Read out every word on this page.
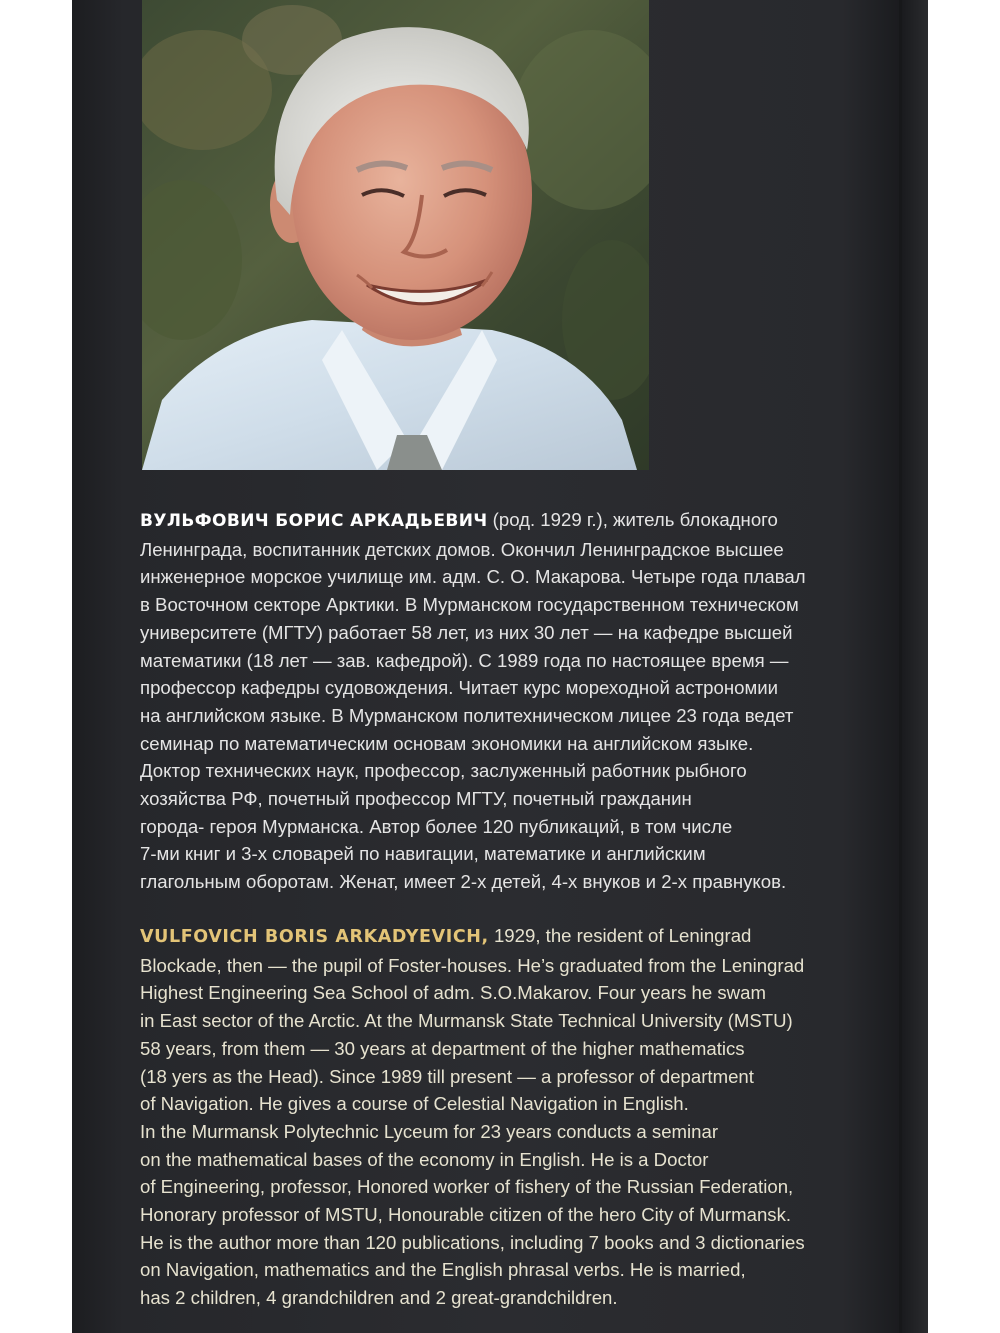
ВУЛЬФОВИЧ БОРИС АРКАДЬЕВИЧ (род. 1929 г.), житель блокадного
Ленинграда, воспитанник детских домов. Окончил Ленинградское высшее
инженерное морское училище им. адм. С. О. Макарова. Четыре года плавал
в Восточном секторе Арктики. В Мурманском государственном техническом
университете (МГТУ) работает 58 лет, из них 30 лет — на кафедре высшей
математики (18 лет — зав. кафедрой). С 1989 года по настоящее время —
профессор кафедры судовождения. Читает курс мореходной астрономии
на английском языке. В Мурманском политехническом лицее 23 года ведет
семинар по математическим основам экономики на английском языке.
Доктор технических наук, профессор, заслуженный работник рыбного
хозяйства РФ, почетный профессор МГТУ, почетный гражданин
города- героя Мурманска. Автор более 120 публикаций, в том числе
7-ми книг и 3-х словарей по навигации, математике и английским
глагольным оборотам. Женат, имеет 2-х детей, 4-х внуков и 2-х правнуков.

VULFOVICH BORIS ARKADYEVICH, 1929, the resident of Leningrad
Blockade, then — the pupil of Foster-houses. He’s graduated from the Leningrad
Highest Engineering Sea School of adm. S.O.Makarov. Four years he swam
in East sector of the Arctic. At the Murmansk State Technical University (MSTU)
58 years, from them — 30 years at department of the higher mathematics
(18 yers as the Head). Since 1989 till present — a professor of department
of Navigation. He gives a course of Celestial Navigation in English.
In the Murmansk Polytechnic Lyceum for 23 years conducts a seminar
on the mathematical bases of the economy in English. He is a Doctor
of Engineering, professor, Honored worker of fishery of the Russian Federation,
Honorary professor of MSTU, Honourable citizen of the hero City of Murmansk.
He is the author more than 120 publications, including 7 books and 3 dictionaries
on Navigation, mathematics and the English phrasal verbs. He is married,
has 2 children, 4 grandchildren and 2 great-grandchildren.
